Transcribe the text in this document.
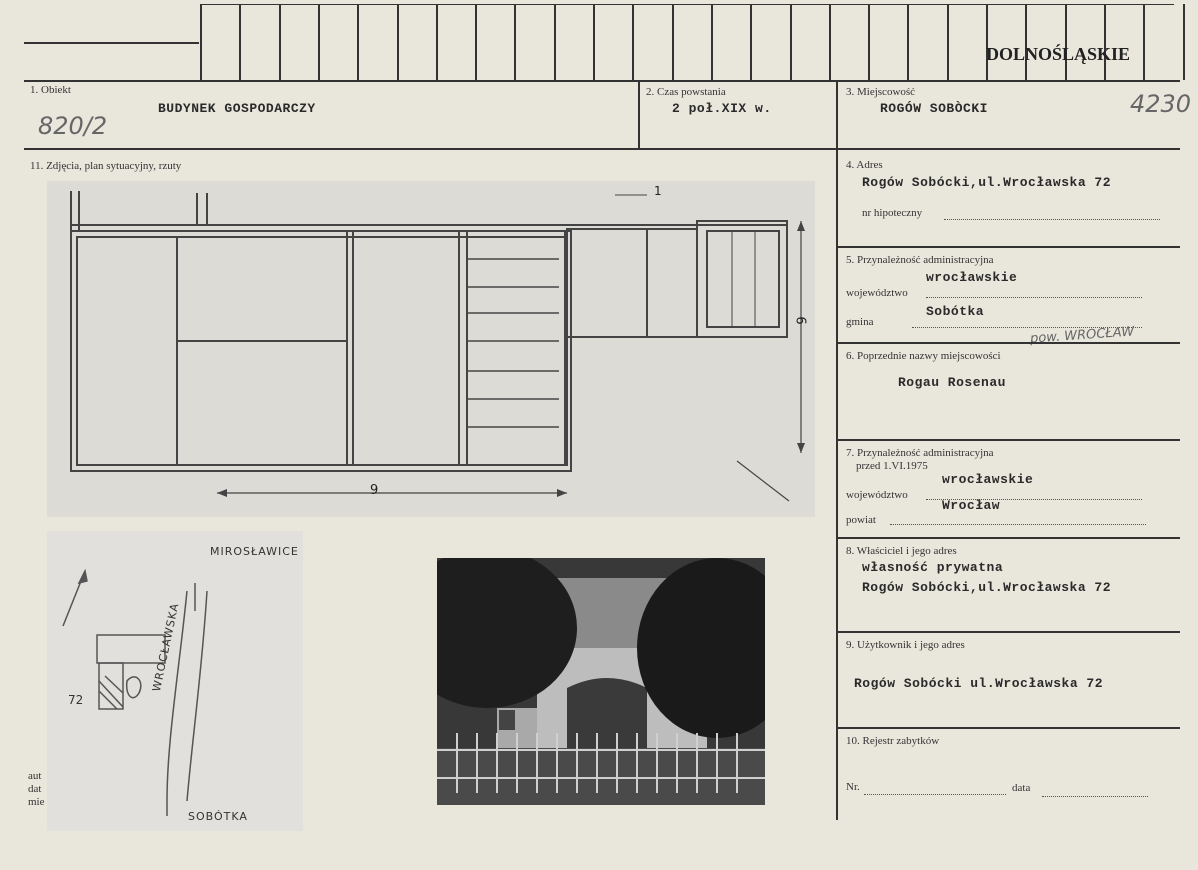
DOLNOŚLĄSKIE
1. Obiekt
BUDYNEK GOSPODARCZY
820/2
2. Czas powstania
2 poł.XIX w.
3. Miejscowość
ROGÓW SOBÒCKI	4230
11. Zdjęcia, plan sytuacyjny, rzuty
9
6
1
MIROSŁAWICE
WROCŁAWSKA
SOBÓTKA
72
aut
dat
mie
4. Adres
Rogów Sobócki,ul.Wrocławska 72
nr hipoteczny
5. Przynależność administracyjna
wrocławskie
województwo
Sobótka
gmina
pow. WROCŁAW
6. Poprzednie nazwy miejscowości
Rogau Rosenau
7. Przynależność administracyjna
przed 1.VI.1975
wrocławskie
województwo
Wrocław
powiat
8. Właściciel i jego adres
własność prywatna
Rogów Sobócki,ul.Wrocławska 72
9. Użytkownik i jego adres
Rogów Sobócki ul.Wrocławska 72
10. Rejestr zabytków
Nr.	data
